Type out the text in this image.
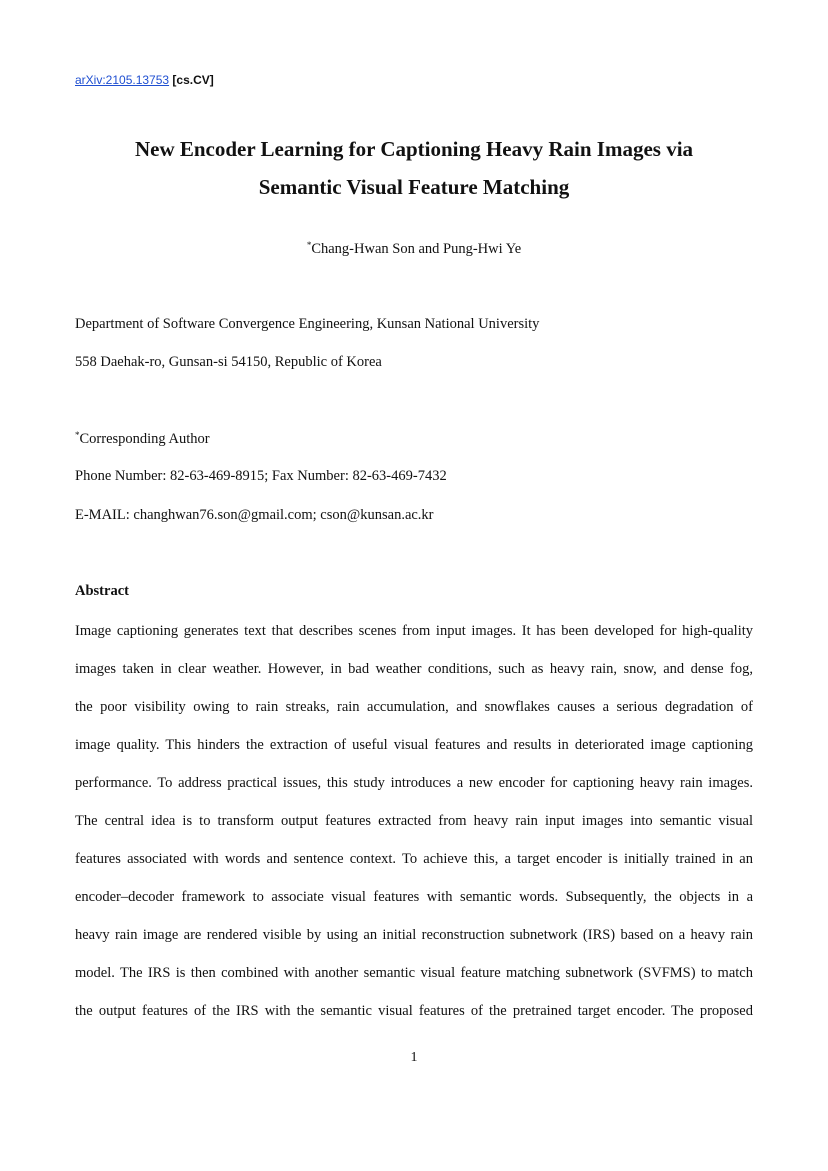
arXiv:2105.13753 [cs.CV]
New Encoder Learning for Captioning Heavy Rain Images via
Semantic Visual Feature Matching
*Chang-Hwan Son and Pung-Hwi Ye
Department of Software Convergence Engineering, Kunsan National University
558 Daehak-ro, Gunsan-si 54150, Republic of Korea
*Corresponding Author
Phone Number: 82-63-469-8915; Fax Number: 82-63-469-7432
E-MAIL: changhwan76.son@gmail.com; cson@kunsan.ac.kr
Abstract
Image captioning generates text that describes scenes from input images. It has been developed for high-quality
images taken in clear weather. However, in bad weather conditions, such as heavy rain, snow, and dense fog,
the poor visibility owing to rain streaks, rain accumulation, and snowflakes causes a serious degradation of
image quality. This hinders the extraction of useful visual features and results in deteriorated image captioning
performance. To address practical issues, this study introduces a new encoder for captioning heavy rain images.
The central idea is to transform output features extracted from heavy rain input images into semantic visual
features associated with words and sentence context. To achieve this, a target encoder is initially trained in an
encoder–decoder framework to associate visual features with semantic words. Subsequently, the objects in a
heavy rain image are rendered visible by using an initial reconstruction subnetwork (IRS) based on a heavy rain
model. The IRS is then combined with another semantic visual feature matching subnetwork (SVFMS) to match
the output features of the IRS with the semantic visual features of the pretrained target encoder. The proposed
1
